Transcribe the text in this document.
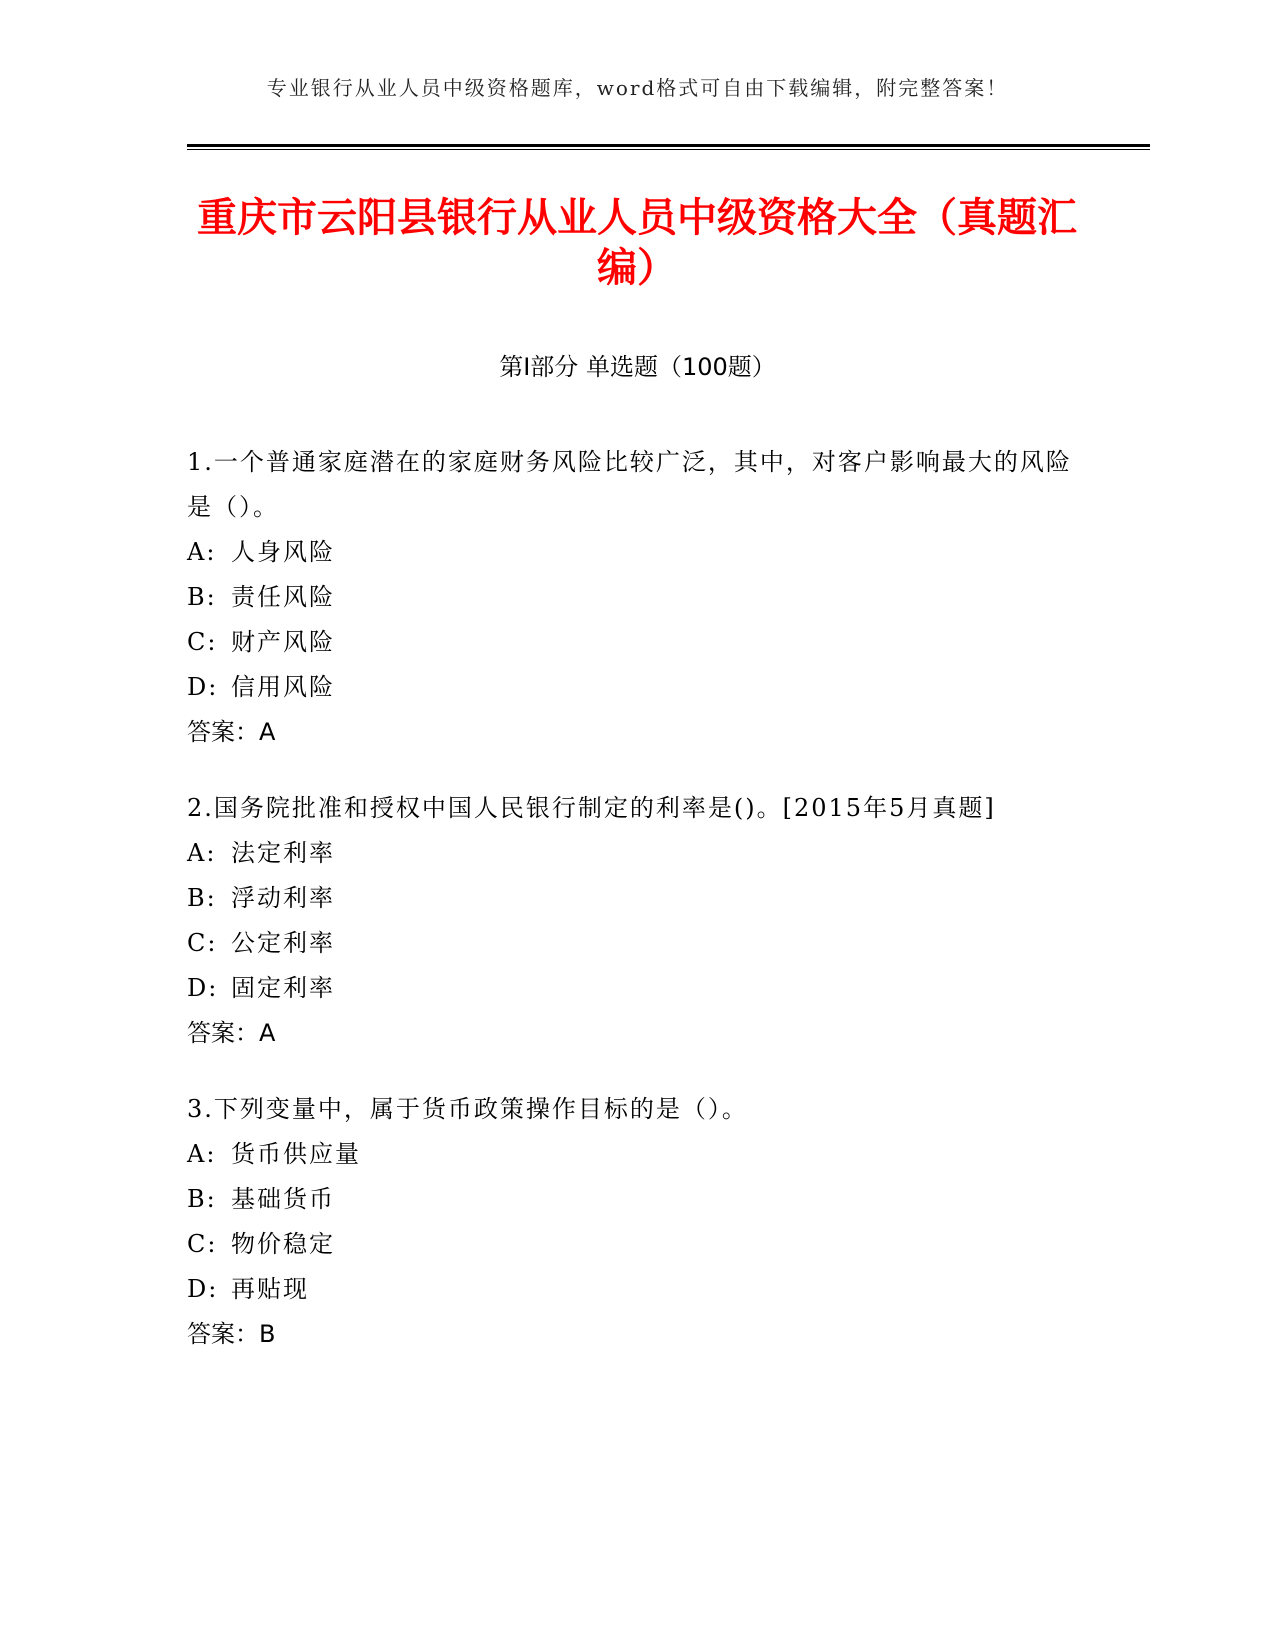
专业银行从业人员中级资格题库，word格式可自由下载编辑，附完整答案！
重庆市云阳县银行从业人员中级资格大全（真题汇编）
第I部分 单选题（100题）

1.一个普通家庭潜在的家庭财务风险比较广泛，其中，对客户影响最大的风险是（）。

A: 人身风险

B: 责任风险

C: 财产风险

D: 信用风险

答案：A

2.国务院批准和授权中国人民银行制定的利率是()。[2015年5月真题]

A: 法定利率

B: 浮动利率

C: 公定利率

D: 固定利率

答案：A

3.下列变量中，属于货币政策操作目标的是（）。

A: 货币供应量

B: 基础货币

C: 物价稳定

D: 再贴现

答案：B
